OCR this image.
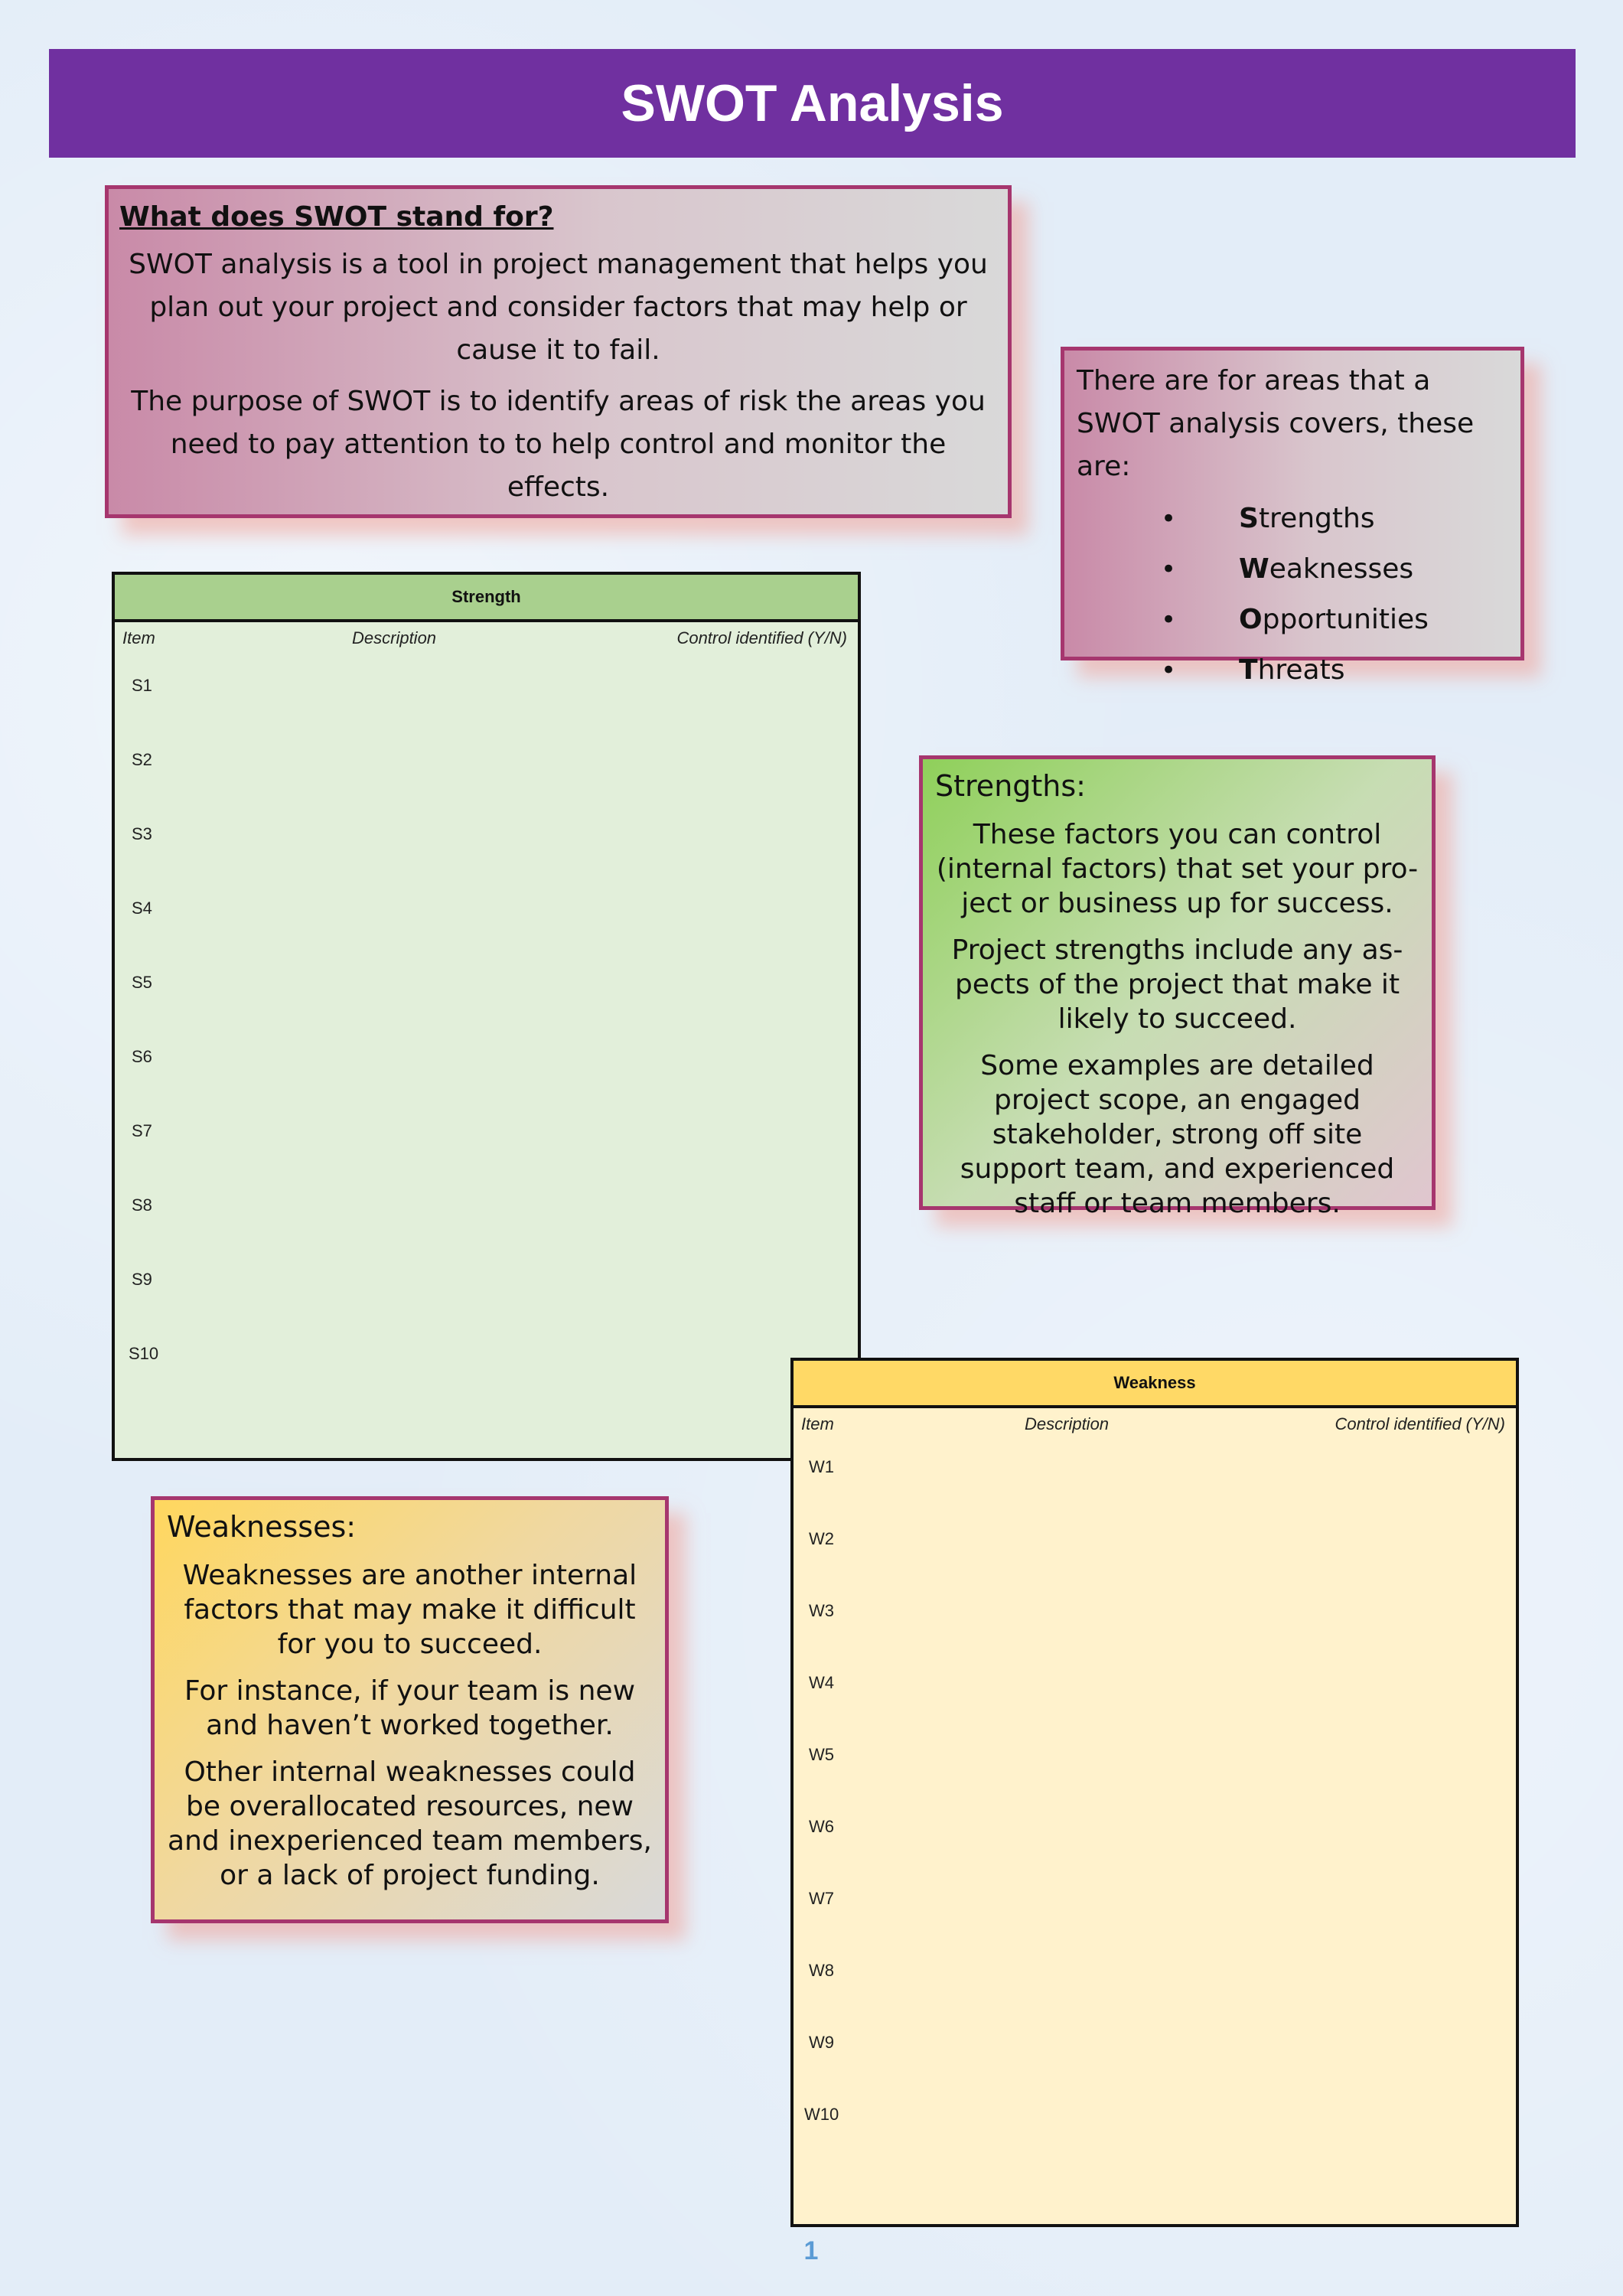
SWOT Analysis

What does SWOT stand for?

SWOT analysis is a tool in project management that helps you plan out your project and consider factors that may help or cause it to fail.

The purpose of SWOT is to identify areas of risk the areas you need to pay attention to to help control and monitor the effects.

There are for areas that a SWOT analysis covers, these are:

• Strengths
• Weaknesses
• Opportunities
• Threats
Strength
Item	Description	Control identified (Y/N)
S1
S2
S3
S4
S5
S6
S7
S8
S9
S10

Strengths:

These factors you can control (internal factors) that set your pro-ject or business up for success.

Project strengths include any as-pects of the project that make it likely to succeed.

Some examples are detailed project scope, an engaged stakeholder, strong off site support team, and experienced staff or team members.

Weakness
Item	Description	Control identified (Y/N)
W1
W2
W3
W4
W5
W6
W7
W8
W9
W10

Weaknesses:

Weaknesses are another internal factors that may make it difficult for you to succeed.

For instance, if your team is new and haven’t worked together.

Other internal weaknesses could be overallocated resources, new and inexperienced team members, or a lack of project funding.

1
